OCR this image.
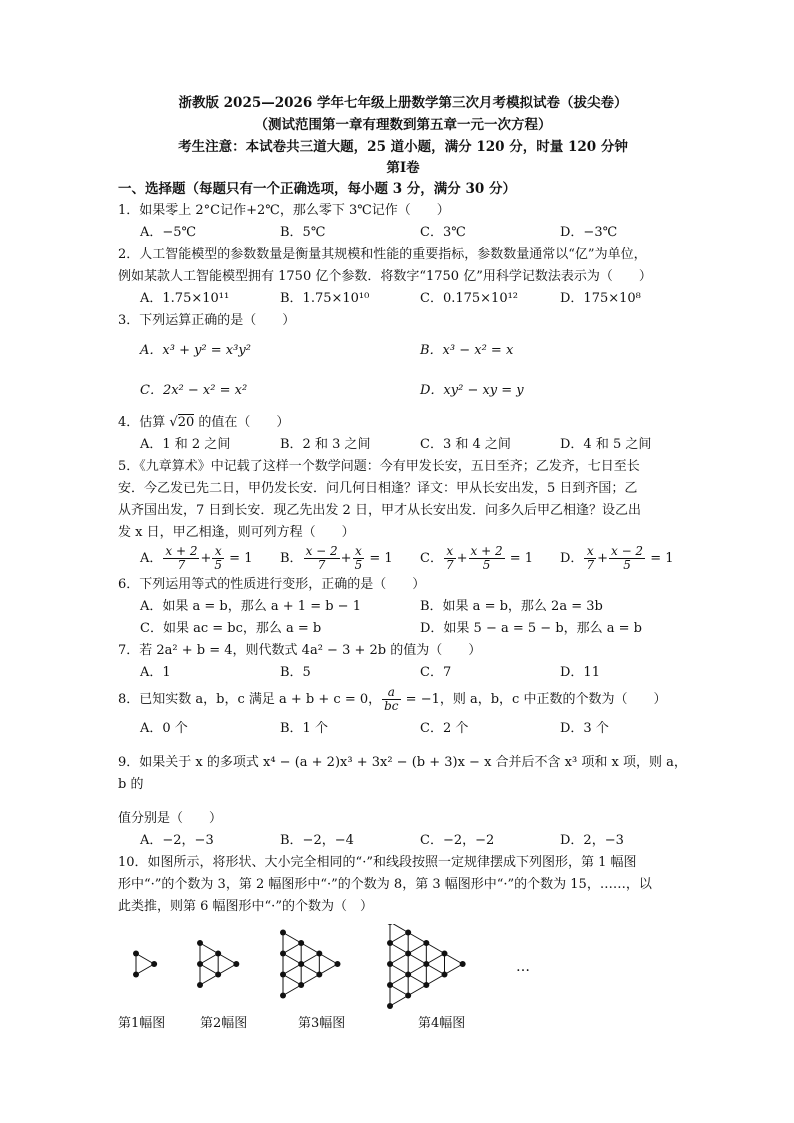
浙教版 2025—2026 学年七年级上册数学第三次月考模拟试卷（拔尖卷）
（测试范围第一章有理数到第五章一元一次方程）
考生注意：本试卷共三道大题，25 道小题，满分 120 分，时量 120 分钟
第Ⅰ卷
一、选择题（每题只有一个正确选项，每小题 3 分，满分 30 分）
1．如果零上 2°C记作+2℃，那么零下 3℃记作（　　）
A．−5℃	B．5℃	C．3℃	D．−3℃
2．人工智能模型的参数数量是衡量其规模和性能的重要指标，参数数量通常以“亿”为单位，
例如某款人工智能模型拥有 1750 亿个参数．将数字“1750 亿”用科学记数法表示为（　　）
A．1.75×10¹¹	B．1.75×10¹⁰	C．0.175×10¹²	D．175×10⁸
3．下列运算正确的是（　　）
A．x³ + y² = x³y²	B．x³ − x² = x
C．2x² − x² = x²	D．xy² − xy = y
4．估算 √20 的值在（　　）
A．1 和 2 之间	B．2 和 3 之间	C．3 和 4 之间	D．4 和 5 之间
5．《九章算术》中记载了这样一个数学问题：今有甲发长安，五日至齐；乙发齐，七日至长
安．今乙发已先二日，甲仍发长安．问几何日相逢？译文：甲从长安出发，5 日到齐国；乙
从齐国出发，7 日到长安．现乙先出发 2 日，甲才从长安出发．问多久后甲乙相逢？设乙出
发 x 日，甲乙相逢，则可列方程（　　）
A． $\frac{x + 2}{7} + \frac{x}{5} = 1$	B． $\frac{x - 2}{7} + \frac{x}{5} = 1$	C． $\frac{x}{7} + \frac{x + 2}{5} = 1$	D． $\frac{x}{7} + \frac{x - 2}{5} = 1$
6．下列运用等式的性质进行变形，正确的是（　　）
A．如果 a = b，那么 a + 1 = b − 1	B．如果 a = b，那么 2a = 3b
C．如果 ac = bc，那么 a = b	D．如果 5 − a = 5 − b，那么 a = b
7．若 2a² + b = 4，则代数式 4a² − 3 + 2b 的值为（　　）
A．1	B．5	C．7	D．11
8．已知实数 a，b，c 满足 a + b + c = 0， $\frac{a}{bc} = -1$，则 a，b，c 中正数的个数为（　　）
A．0 个	B．1 个	C．2 个	D．3 个
9．如果关于 x 的多项式 x⁴ − (a + 2)x³ + 3x² − (b + 3)x − x 合并后不含 x³ 项和 x 项，则 a，b 的
值分别是（　　）
A．−2，−3	B．−2，−4	C．−2，−2	D．2，−3
10．如图所示，将形状、大小完全相同的“·”和线段按照一定规律摆成下列图形，第 1 幅图
形中“·”的个数为 3，第 2 幅图形中“·”的个数为 8，第 3 幅图形中“·”的个数为 15，……，以
此类推，则第 6 幅图形中“·”的个数为（　）
…
第1幅图	第2幅图	第3幅图	第4幅图
